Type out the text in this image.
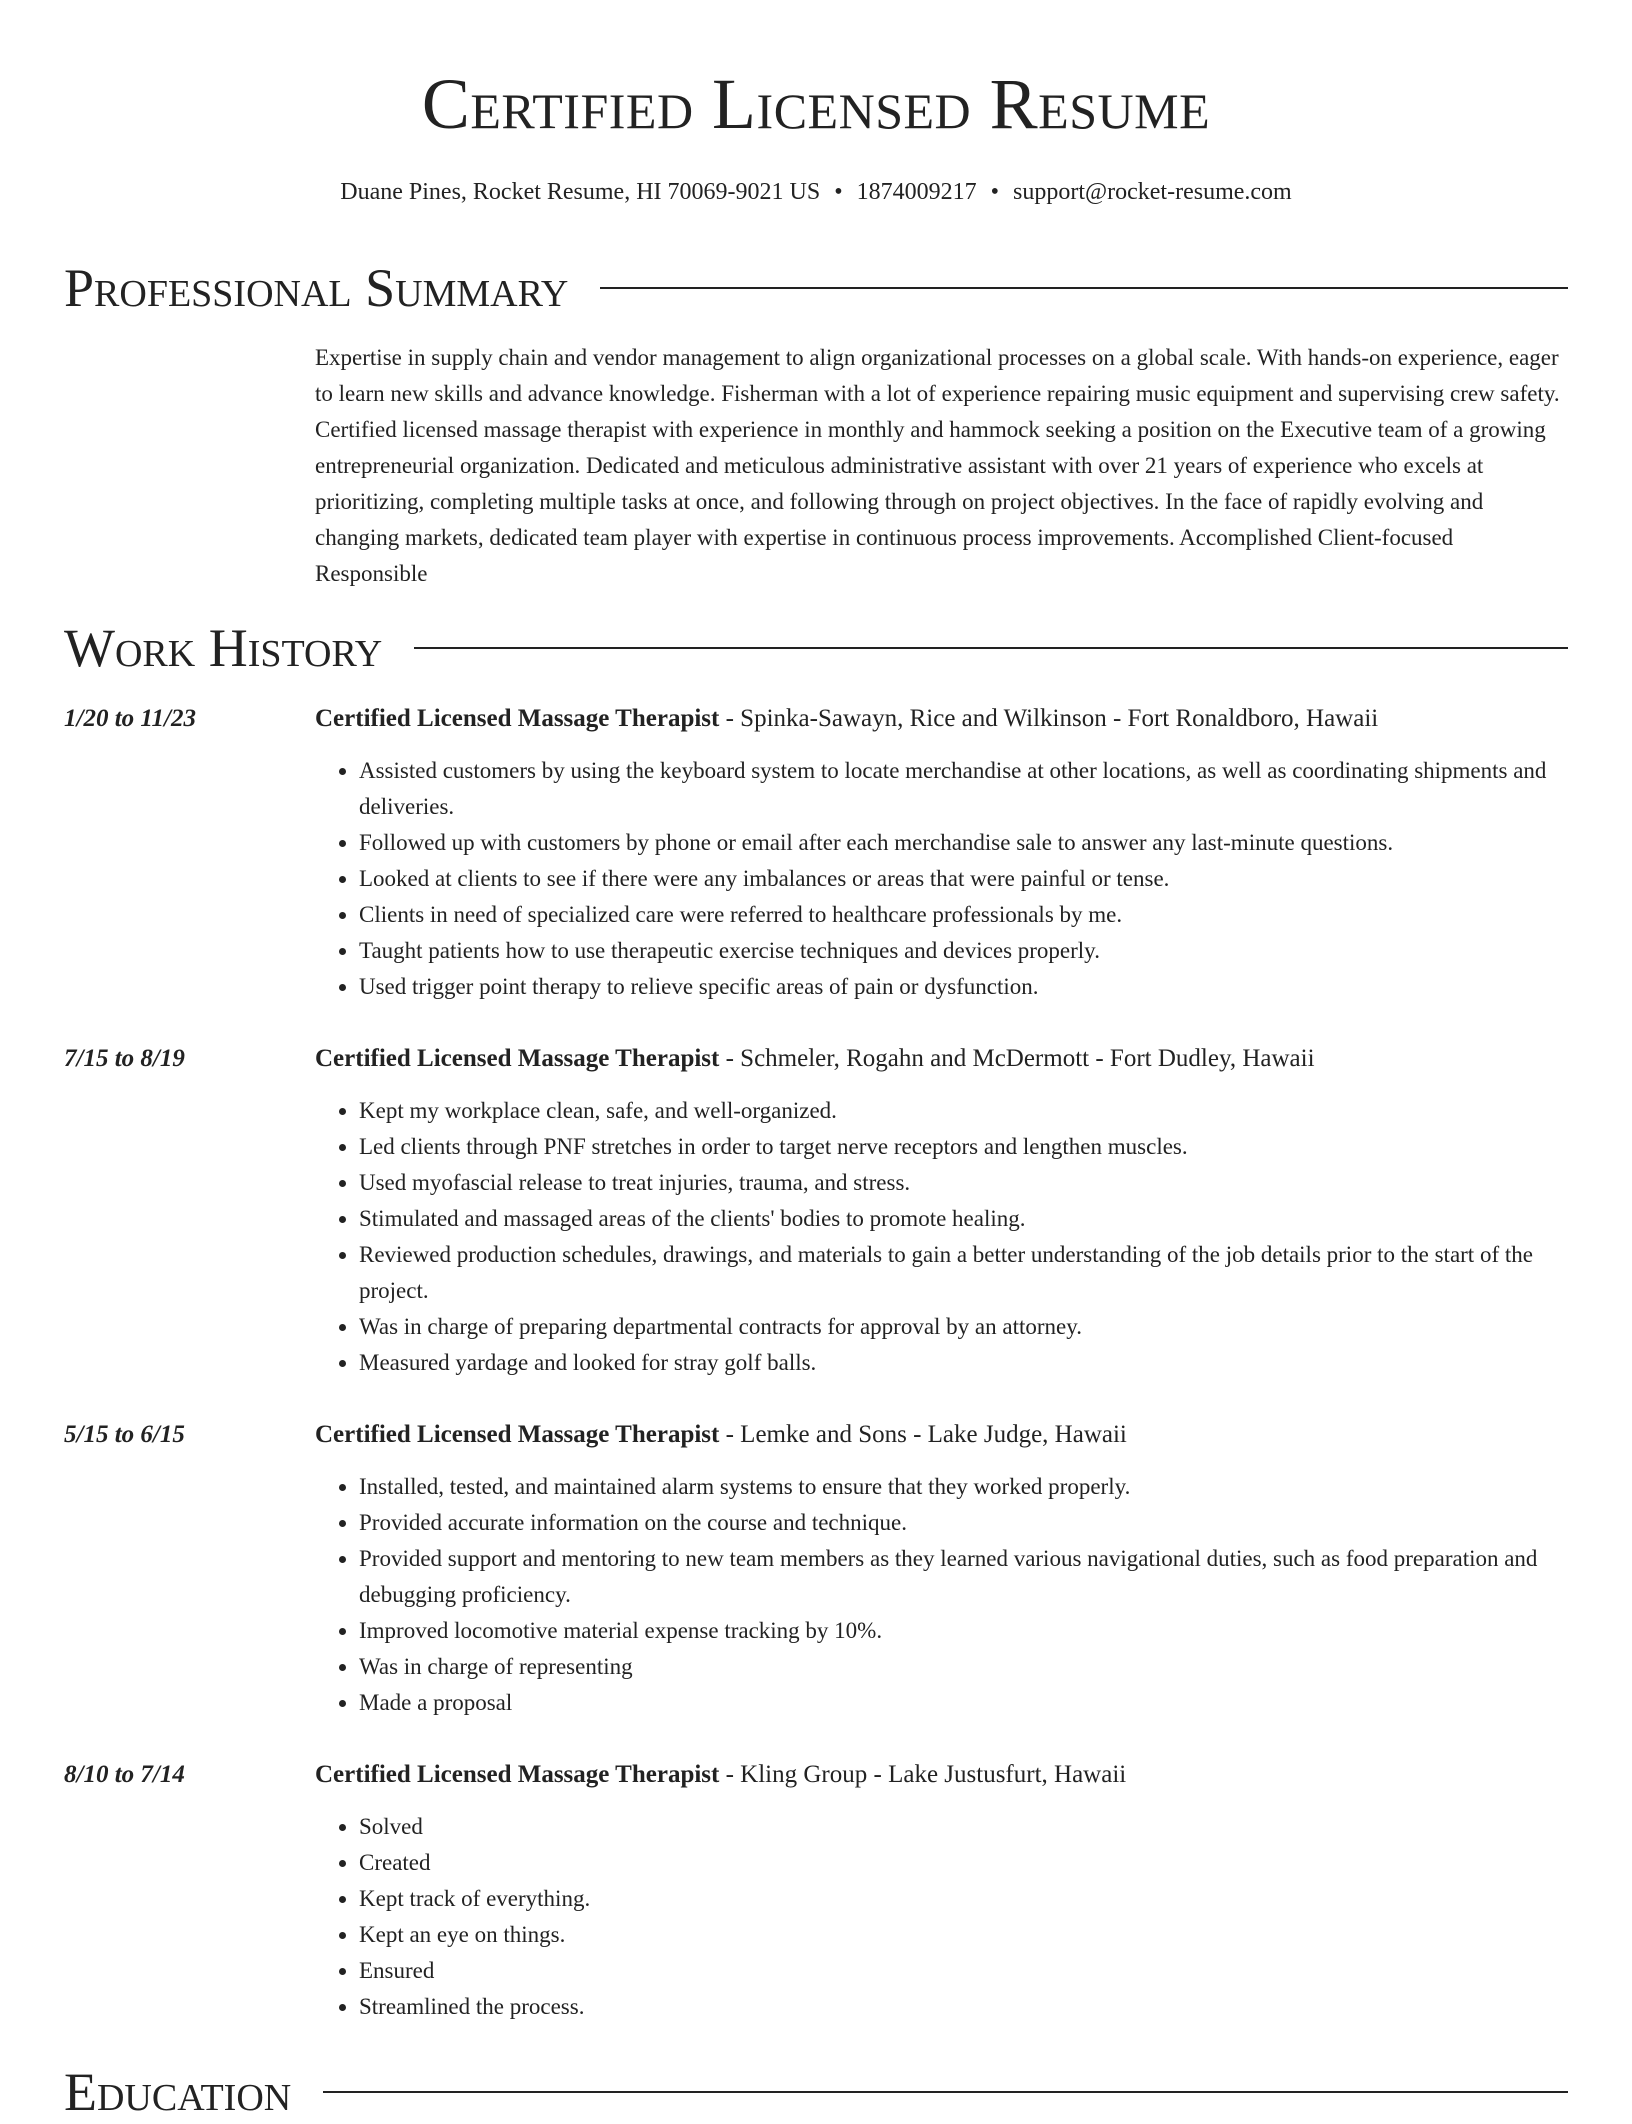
Certified Licensed Resume
Duane Pines, Rocket Resume, HI 70069-9021 US • 1874009217 • support@rocket-resume.com
Professional Summary
Expertise in supply chain and vendor management to align organizational processes on a global scale. With hands-on experience, eager to learn new skills and advance knowledge. Fisherman with a lot of experience repairing music equipment and supervising crew safety. Certified licensed massage therapist with experience in monthly and hammock seeking a position on the Executive team of a growing entrepreneurial organization. Dedicated and meticulous administrative assistant with over 21 years of experience who excels at prioritizing, completing multiple tasks at once, and following through on project objectives. In the face of rapidly evolving and changing markets, dedicated team player with expertise in continuous process improvements. Accomplished Client-focused Responsible
Work History
1/20 to 11/23	Certified Licensed Massage Therapist - Spinka-Sawayn, Rice and Wilkinson - Fort Ronaldboro, Hawaii
• Assisted customers by using the keyboard system to locate merchandise at other locations, as well as coordinating shipments and deliveries.
• Followed up with customers by phone or email after each merchandise sale to answer any last-minute questions.
• Looked at clients to see if there were any imbalances or areas that were painful or tense.
• Clients in need of specialized care were referred to healthcare professionals by me.
• Taught patients how to use therapeutic exercise techniques and devices properly.
• Used trigger point therapy to relieve specific areas of pain or dysfunction.
7/15 to 8/19	Certified Licensed Massage Therapist - Schmeler, Rogahn and McDermott - Fort Dudley, Hawaii
• Kept my workplace clean, safe, and well-organized.
• Led clients through PNF stretches in order to target nerve receptors and lengthen muscles.
• Used myofascial release to treat injuries, trauma, and stress.
• Stimulated and massaged areas of the clients' bodies to promote healing.
• Reviewed production schedules, drawings, and materials to gain a better understanding of the job details prior to the start of the project.
• Was in charge of preparing departmental contracts for approval by an attorney.
• Measured yardage and looked for stray golf balls.
5/15 to 6/15	Certified Licensed Massage Therapist - Lemke and Sons - Lake Judge, Hawaii
• Installed, tested, and maintained alarm systems to ensure that they worked properly.
• Provided accurate information on the course and technique.
• Provided support and mentoring to new team members as they learned various navigational duties, such as food preparation and debugging proficiency.
• Improved locomotive material expense tracking by 10%.
• Was in charge of representing
• Made a proposal
8/10 to 7/14	Certified Licensed Massage Therapist - Kling Group - Lake Justusfurt, Hawaii
• Solved
• Created
• Kept track of everything.
• Kept an eye on things.
• Ensured
• Streamlined the process.
Education
